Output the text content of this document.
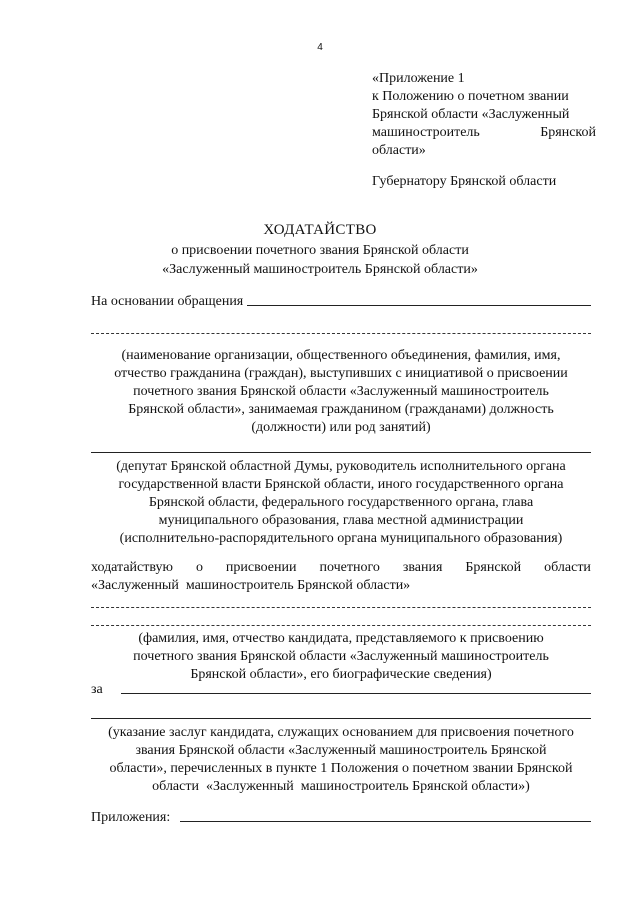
4
«Приложение 1
к Положению о почетном звании
Брянской области «Заслуженный
машиностроитель	Брянской
области»
Губернатору Брянской области
ХОДАТАЙСТВО
о присвоении почетного звания Брянской области
«Заслуженный машиностроитель Брянской области»
На основании обращения
(наименование организации, общественного объединения, фамилия, имя,
отчество гражданина (граждан), выступивших с инициативой о присвоении
почетного звания Брянской области «Заслуженный машиностроитель
Брянской области», занимаемая гражданином (гражданами) должность
(должности) или род занятий)
(депутат Брянской областной Думы, руководитель исполнительного органа
государственной власти Брянской области, иного государственного органа
Брянской области, федерального государственного органа, глава
муниципального образования, глава местной администрации
(исполнительно-распорядительного органа муниципального образования)
ходатайствую о присвоении почетного звания Брянской области
«Заслуженный  машиностроитель Брянской области»
(фамилия, имя, отчество кандидата, представляемого к присвоению
почетного звания Брянской области «Заслуженный машиностроитель
Брянской области», его биографические сведения)
за
(указание заслуг кандидата, служащих основанием для присвоения почетного
звания Брянской области «Заслуженный машиностроитель Брянской
области», перечисленных в пункте 1 Положения о почетном звании Брянской
области  «Заслуженный  машиностроитель Брянской области»)
Приложения:
